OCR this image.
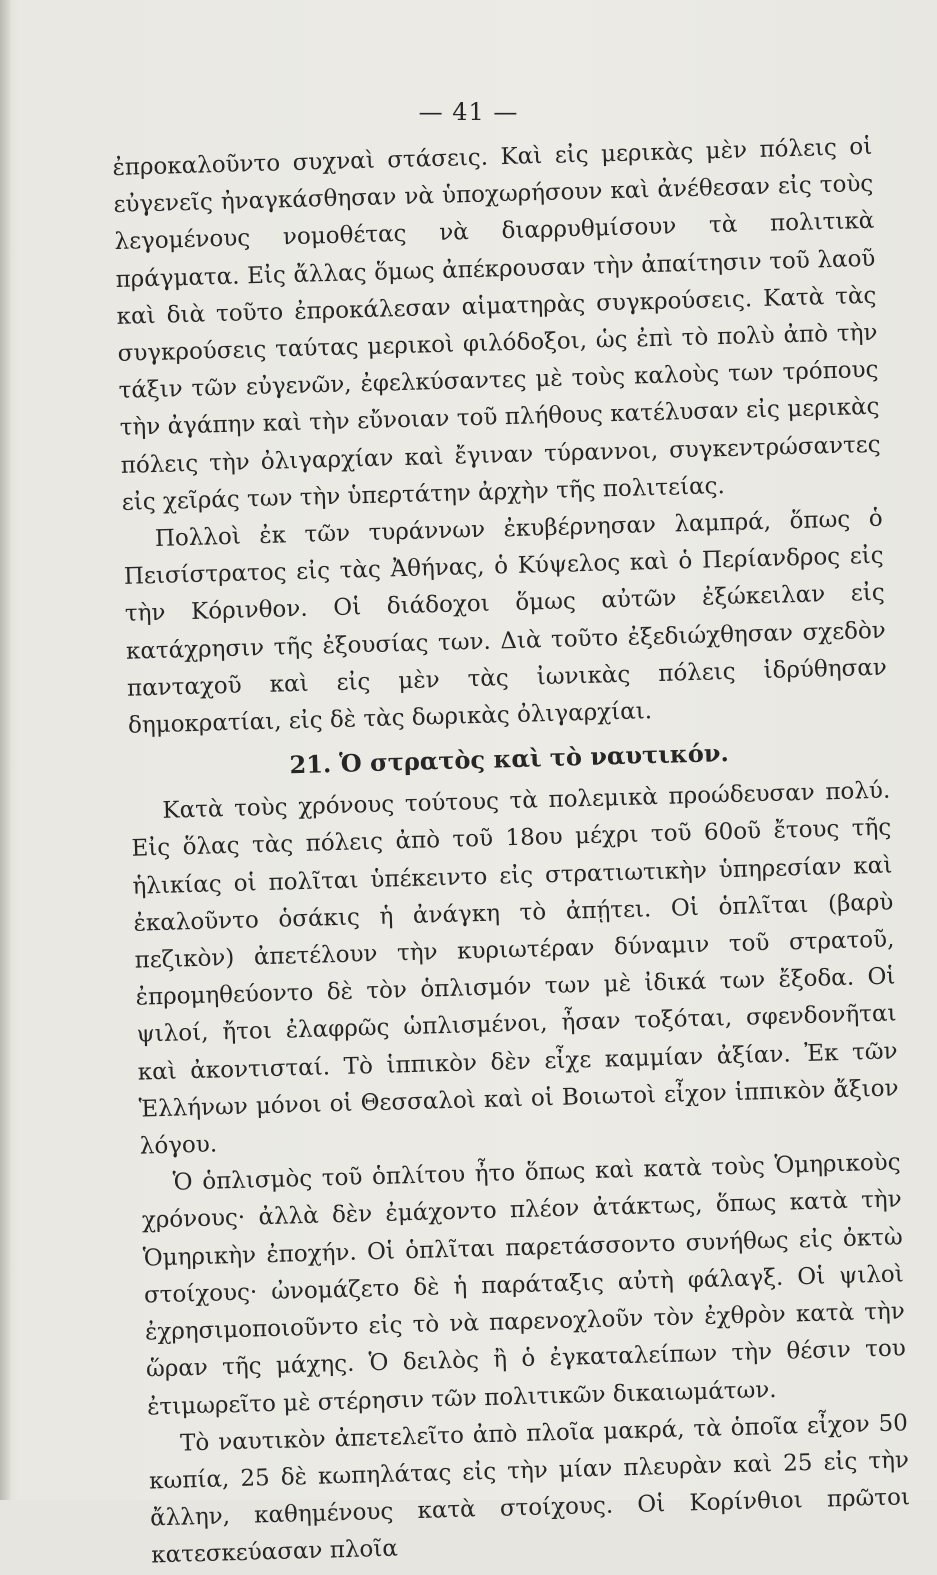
— 41 —

ἐπροκαλοῦντο συχναὶ στάσεις. Καὶ εἰς μερικὰς μὲν πόλεις οἱ εὐγενεῖς ἠναγκάσθησαν νὰ ὑποχωρήσουν καὶ ἀνέθεσαν εἰς τοὺς λεγομένους νομοθέτας νὰ διαρρυθμίσουν τὰ πολιτικὰ πράγματα. Εἰς ἄλλας ὅμως ἀπέκρουσαν τὴν ἀπαίτησιν τοῦ λαοῦ καὶ διὰ τοῦτο ἐπροκάλεσαν αἱματηρὰς συγκρούσεις. Κατὰ τὰς συγκρούσεις ταύτας μερικοὶ φιλόδοξοι, ὡς ἐπὶ τὸ πολὺ ἀπὸ τὴν τάξιν τῶν εὐγενῶν, ἐφελκύσαντες μὲ τοὺς καλοὺς των τρόπους τὴν ἀγάπην καὶ τὴν εὔνοιαν τοῦ πλήθους κατέλυσαν εἰς μερικὰς πόλεις τὴν ὀλιγαρχίαν καὶ ἔγιναν τύραννοι, συγκεντρώσαντες εἰς χεῖράς των τὴν ὑπερτάτην ἀρχὴν τῆς πολιτείας.

Πολλοὶ ἐκ τῶν τυράννων ἐκυβέρνησαν λαμπρά, ὅπως ὁ Πεισίστρατος εἰς τὰς Ἀθήνας, ὁ Κύψελος καὶ ὁ Περίανδρος εἰς τὴν Κόρινθον. Οἱ διάδοχοι ὅμως αὐτῶν ἐξώκειλαν εἰς κατάχρησιν τῆς ἐξουσίας των. Διὰ τοῦτο ἐξεδιώχθησαν σχεδὸν πανταχοῦ καὶ εἰς μὲν τὰς ἰωνικὰς πόλεις ἱδρύθησαν δημοκρατίαι, εἰς δὲ τὰς δωρικὰς ὀλιγαρχίαι.

21. Ὁ στρατὸς καὶ τὸ ναυτικόν.

Κατὰ τοὺς χρόνους τούτους τὰ πολεμικὰ προώδευσαν πολύ. Εἰς ὅλας τὰς πόλεις ἀπὸ τοῦ 18ου μέχρι τοῦ 60οῦ ἔτους τῆς ἡλικίας οἱ πολῖται ὑπέκειντο εἰς στρατιωτικὴν ὑπηρεσίαν καὶ ἐκαλοῦντο ὁσάκις ἡ ἀνάγκη τὸ ἀπῄτει. Οἱ ὁπλῖται (βαρὺ πεζικὸν) ἀπετέλουν τὴν κυριωτέραν δύναμιν τοῦ στρατοῦ, ἐπρομηθεύοντο δὲ τὸν ὁπλισμόν των μὲ ἰδικά των ἔξοδα. Οἱ ψιλοί, ἤτοι ἐλαφρῶς ὡπλισμένοι, ἦσαν τοξόται, σφενδονῆται καὶ ἀκοντισταί. Τὸ ἱππικὸν δὲν εἶχε καμμίαν ἀξίαν. Ἐκ τῶν Ἑλλήνων μόνοι οἱ Θεσσαλοὶ καὶ οἱ Βοιωτοὶ εἶχον ἱππικὸν ἄξιον λόγου.

Ὁ ὁπλισμὸς τοῦ ὁπλίτου ἦτο ὅπως καὶ κατὰ τοὺς Ὁμηρικοὺς χρόνους· ἀλλὰ δὲν ἐμάχοντο πλέον ἀτάκτως, ὅπως κατὰ τὴν Ὁμηρικὴν ἐποχήν. Οἱ ὁπλῖται παρετάσσοντο συνήθως εἰς ὀκτὼ στοίχους· ὠνομάζετο δὲ ἡ παράταξις αὐτὴ φάλαγξ. Οἱ ψιλοὶ ἐχρησιμοποιοῦντο εἰς τὸ νὰ παρενοχλοῦν τὸν ἐχθρὸν κατὰ τὴν ὥραν τῆς μάχης. Ὁ δειλὸς ἢ ὁ ἐγκαταλείπων τὴν θέσιν του ἐτιμωρεῖτο μὲ στέρησιν τῶν πολιτικῶν δικαιωμάτων.

Τὸ ναυτικὸν ἀπετελεῖτο ἀπὸ πλοῖα μακρά, τὰ ὁποῖα εἶχον 50 κωπία, 25 δὲ κωπηλάτας εἰς τὴν μίαν πλευρὰν καὶ 25 εἰς τὴν ἄλλην, καθημένους κατὰ στοίχους. Οἱ Κορίνθιοι πρῶτοι κατεσκεύασαν πλοῖα
